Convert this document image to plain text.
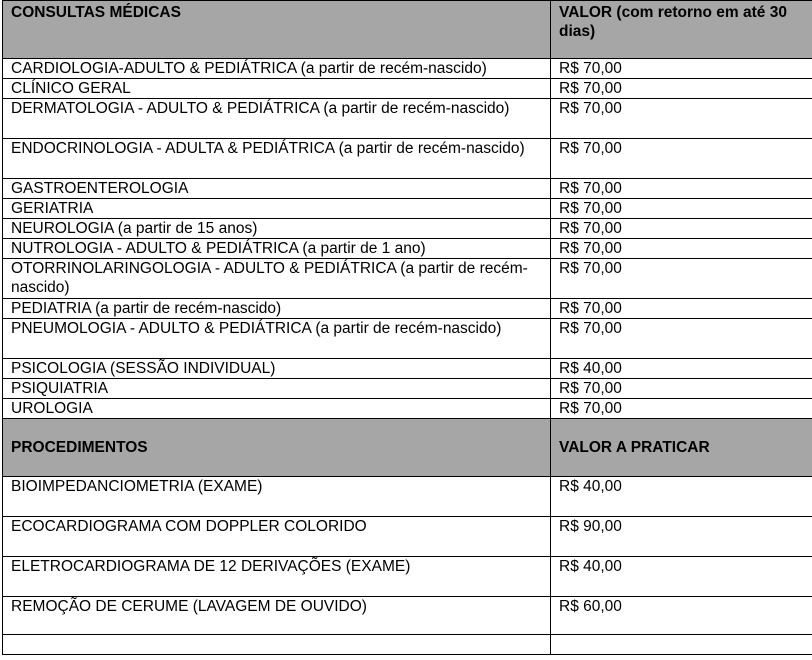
CONSULTAS MÉDICAS	VALOR (com retorno em até 30 dias)
CARDIOLOGIA-ADULTO & PEDIÁTRICA (a partir de recém-nascido)	R$ 70,00
CLÍNICO GERAL	R$ 70,00
DERMATOLOGIA - ADULTO & PEDIÁTRICA (a partir de recém-nascido)	R$ 70,00
ENDOCRINOLOGIA - ADULTA & PEDIÁTRICA (a partir de recém-nascido)	R$ 70,00
GASTROENTEROLOGIA	R$ 70,00
GERIATRIA	R$ 70,00
NEUROLOGIA (a partir de 15 anos)	R$ 70,00
NUTROLOGIA - ADULTO & PEDIÁTRICA (a partir de 1 ano)	R$ 70,00
OTORRINOLARINGOLOGIA - ADULTO & PEDIÁTRICA (a partir de recém-nascido)	R$ 70,00
PEDIATRIA (a partir de recém-nascido)	R$ 70,00
PNEUMOLOGIA - ADULTO & PEDIÁTRICA (a partir de recém-nascido)	R$ 70,00
PSICOLOGIA (SESSÃO INDIVIDUAL)	R$ 40,00
PSIQUIATRIA	R$ 70,00
UROLOGIA	R$ 70,00
PROCEDIMENTOS	VALOR A PRATICAR
BIOIMPEDANCIOMETRIA (EXAME)	R$ 40,00
ECOCARDIOGRAMA COM DOPPLER COLORIDO	R$ 90,00
ELETROCARDIOGRAMA DE 12 DERIVAÇÕES (EXAME)	R$ 40,00
REMOÇÃO DE CERUME (LAVAGEM DE OUVIDO)	R$ 60,00
